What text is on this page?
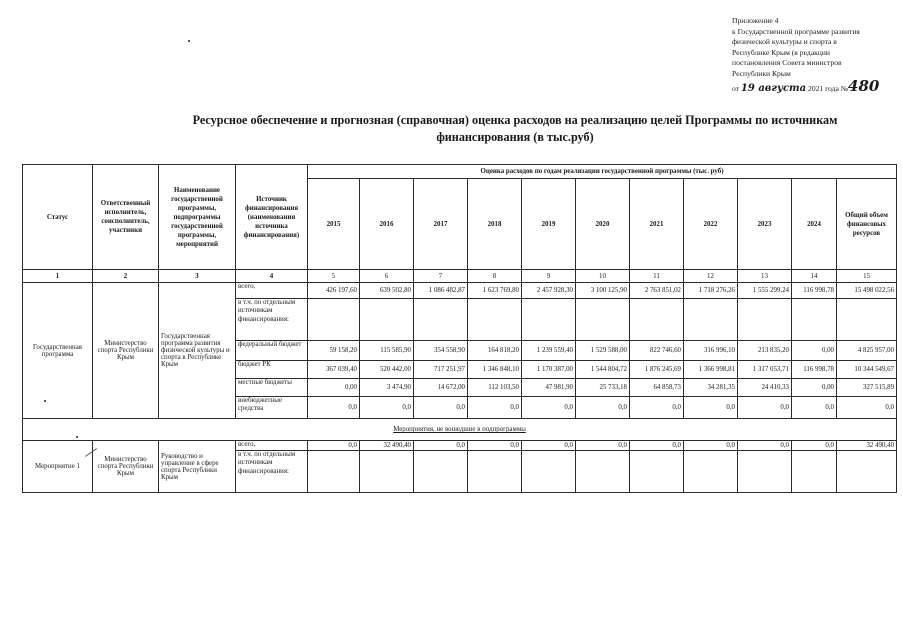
Приложение 4
к Государственной программе развития
физической культуры и спорта в
Республике Крым (в редакции
постановления Совета министров
Республики Крым
от 19 августа 2021 года №480
Ресурсное обеспечение и прогнозная (справочная) оценка расходов на реализацию целей Программы по источникам финансирования (в тыс.руб)
Статус	Ответственный исполнитель, соисполнитель, участники	Наименование государственной программы, подпрограммы государственной программы, мероприятий	Источник финансирования (наименования источника финансирования)	Оценка расходов по годам реализации государственной программы (тыс. руб)										
				2015	2016	2017	2018	2019	2020	2021	2022	2023	2024	Общий объем финансовых ресурсов
1	2	3	4	5	6	7	8	9	10	11	12	13	14	15
Государственная программа	Министерство спорта Республики Крым	Государственная программа развития физической культуры и спорта в Республике Крым	всего,	426 197,60	639 502,80	1 086 482,87	1 623 769,80	2 457 928,30	3 100 125,90	2 763 851,02	1 718 276,26	1 555 299,24	116 998,78	15 498 022,56
			в т.ч. по отдельным источникам финансирования:											
			федеральный бюджет	59 158,20	115 585,90	354 558,90	164 818,20	1 239 559,40	1 529 588,00	822 746,60	316 996,10	213 835,20	0,00	4 825 957,00
			бюджет РК	367 039,40	520 442,00	717 251,97	1 346 848,10	1 170 387,00	1 544 804,72	1 876 245,69	1 366 998,81	1 317 053,71	116 998,78	10 344 549,67
			местные бюджеты	0,00	3 474,90	14 672,00	112 103,50	47 981,90	25 733,18	64 858,73	34 281,35	24 410,33	0,00	327 515,89
			внебюджетные средства	0,0	0,0	0,0	0,0	0,0	0,0	0,0	0,0	0,0	0,0	0,0
Мероприятия, не вошедшие в подпрограммы														
Мероприятие 1	Министерство спорта Республики Крым	Руководство и управление в сфере спорта Республики Крым	всего,	0,0	32 490,40	0,0	0,0	0,0	0,0	0,0	0,0	0,0	0,0	32 490,40
			в т.ч. по отдельным источникам финансирования:											
